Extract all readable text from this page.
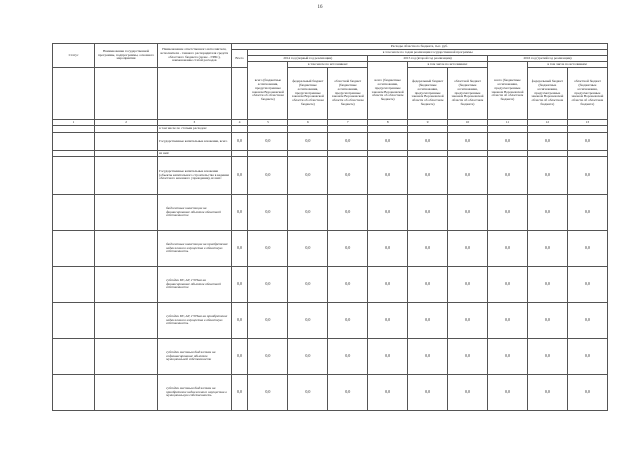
16
Статус	Наименование государственной программы, подпрограммы, основного мероприятия	Наименование ответственного исполнителя, исполнителя - главного распорядителя средств областного бюджета (далее - ГРБС), наименование статей расходов	Расходы областного бюджета, тыс. руб.									
			Всего	в том числе по годам реализации государственной программы								
				2014 год (первый год реализации)			2015 год (второй год реализации)			2016 год (третий год реализации)		
				всего (бюджетные ассигнования, предусмотренные законом Воронежской области об областном бюджете)	в том числе по источникам:		всего (бюджетные ассигнования, предусмотренные законом Воронежской области об областном бюджете)	в том числе по источникам:		всего (бюджетные ассигнования, предусмотренные законом Воронежской области об областном бюджете)	в том числе по источникам:	
					федеральный бюджет (бюджетные ассигнования, предусмотренные законом Воронежской области об областном бюджете)	областной бюджет (бюджетные ассигнования, предусмотренные законом Воронежской области об областном бюджете)		федеральный бюджет (бюджетные ассигнования, предусмотренные законом Воронежской области об областном бюджете)	областной бюджет (бюджетные ассигнования, предусмотренные законом Воронежской области об областном бюджете)		федеральный бюджет (бюджетные ассигнования, предусмотренные законом Воронежской области об областном бюджете)	областной бюджет (бюджетные ассигнования, предусмотренные законом Воронежской области об областном бюджете)
1	2	3	4	5	6	7	8	9	10	11	12	13
		в том числе по статьям расходов:										
		Государственные капитальные вложения, всего	0,0	0,0	0,0	0,0	0,0	0,0	0,0	0,0	0,0	0,0
		из них:										
		Государственные капитальные вложения (объекты капитального строительства в ведении областного казенного учреждения), из них:	0,0	0,0	0,0	0,0	0,0	0,0	0,0	0,0	0,0	0,0
		бюджетные инвестиции на финансирование объектов областной собственности	0,0	0,0	0,0	0,0	0,0	0,0	0,0	0,0	0,0	0,0
		бюджетные инвестиции на приобретение недвижимого имущества в областную собственность	0,0	0,0	0,0	0,0	0,0	0,0	0,0	0,0	0,0	0,0
		субсидии БУ, АУ, ГУПам на финансирование объектов областной собственности	0,0	0,0	0,0	0,0	0,0	0,0	0,0	0,0	0,0	0,0
		субсидии БУ, АУ, ГУПам на приобретение недвижимого имущества в областную собственность	0,0	0,0	0,0	0,0	0,0	0,0	0,0	0,0	0,0	0,0
		субсидии местным бюджетам на софинансирование объектов муниципальной собственности	0,0	0,0	0,0	0,0	0,0	0,0	0,0	0,0	0,0	0,0
		субсидии местным бюджетам на приобретение недвижимого имущества в муниципальную собственность	0,0	0,0	0,0	0,0	0,0	0,0	0,0	0,0	0,0	0,0
